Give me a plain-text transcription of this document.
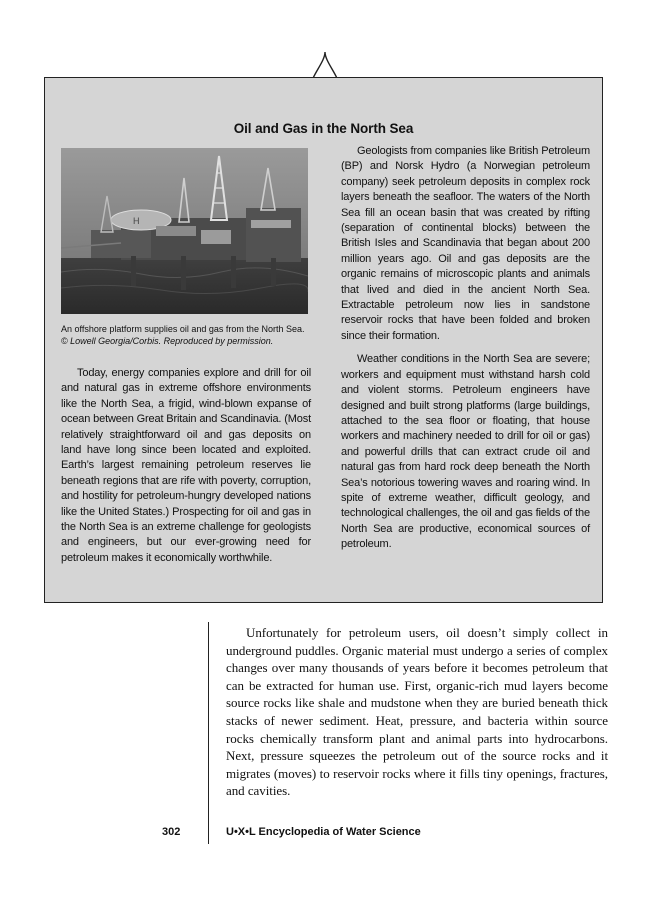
Oil and Gas in the North Sea
H
An offshore platform supplies oil and gas from the North Sea. © Lowell Georgia/Corbis. Reproduced by permission.

Today, energy companies explore and drill for oil and natural gas in extreme offshore environments like the North Sea, a frigid, wind-blown expanse of ocean between Great Britain and Scandinavia. (Most relatively straightforward oil and gas deposits on land have long since been located and exploited. Earth’s largest remaining petroleum reserves lie beneath regions that are rife with poverty, corruption, and hostility for petroleum-hungry developed nations like the United States.) Prospecting for oil and gas in the North Sea is an extreme challenge for geologists and engineers, but our ever-growing need for petroleum makes it economically worthwhile.

Geologists from companies like British Petroleum (BP) and Norsk Hydro (a Norwegian petroleum company) seek petroleum deposits in complex rock layers beneath the seafloor. The waters of the North Sea fill an ocean basin that was created by rifting (separation of continental blocks) between the British Isles and Scandinavia that began about 200 million years ago. Oil and gas deposits are the organic remains of microscopic plants and animals that lived and died in the ancient North Sea. Extractable petroleum now lies in sandstone reservoir rocks that have been folded and broken since their formation.

Weather conditions in the North Sea are severe; workers and equipment must withstand harsh cold and violent storms. Petroleum engineers have designed and built strong platforms (large buildings, attached to the sea floor or floating, that house workers and machinery needed to drill for oil or gas) and powerful drills that can extract crude oil and natural gas from hard rock deep beneath the North Sea’s notorious towering waves and roaring wind. In spite of extreme weather, difficult geology, and technological challenges, the oil and gas fields of the North Sea are productive, economical sources of petroleum.

Unfortunately for petroleum users, oil doesn’t simply collect in underground puddles. Organic material must undergo a series of complex changes over many thousands of years before it becomes petroleum that can be extracted for human use. First, organic-rich mud layers become source rocks like shale and mudstone when they are buried beneath thick stacks of newer sediment. Heat, pressure, and bacteria within source rocks chemically transform plant and animal parts into hydrocarbons. Next, pressure squeezes the petroleum out of the source rocks and it migrates (moves) to reservoir rocks where it fills tiny openings, fractures, and cavities.

302	U•X•L Encyclopedia of Water Science
